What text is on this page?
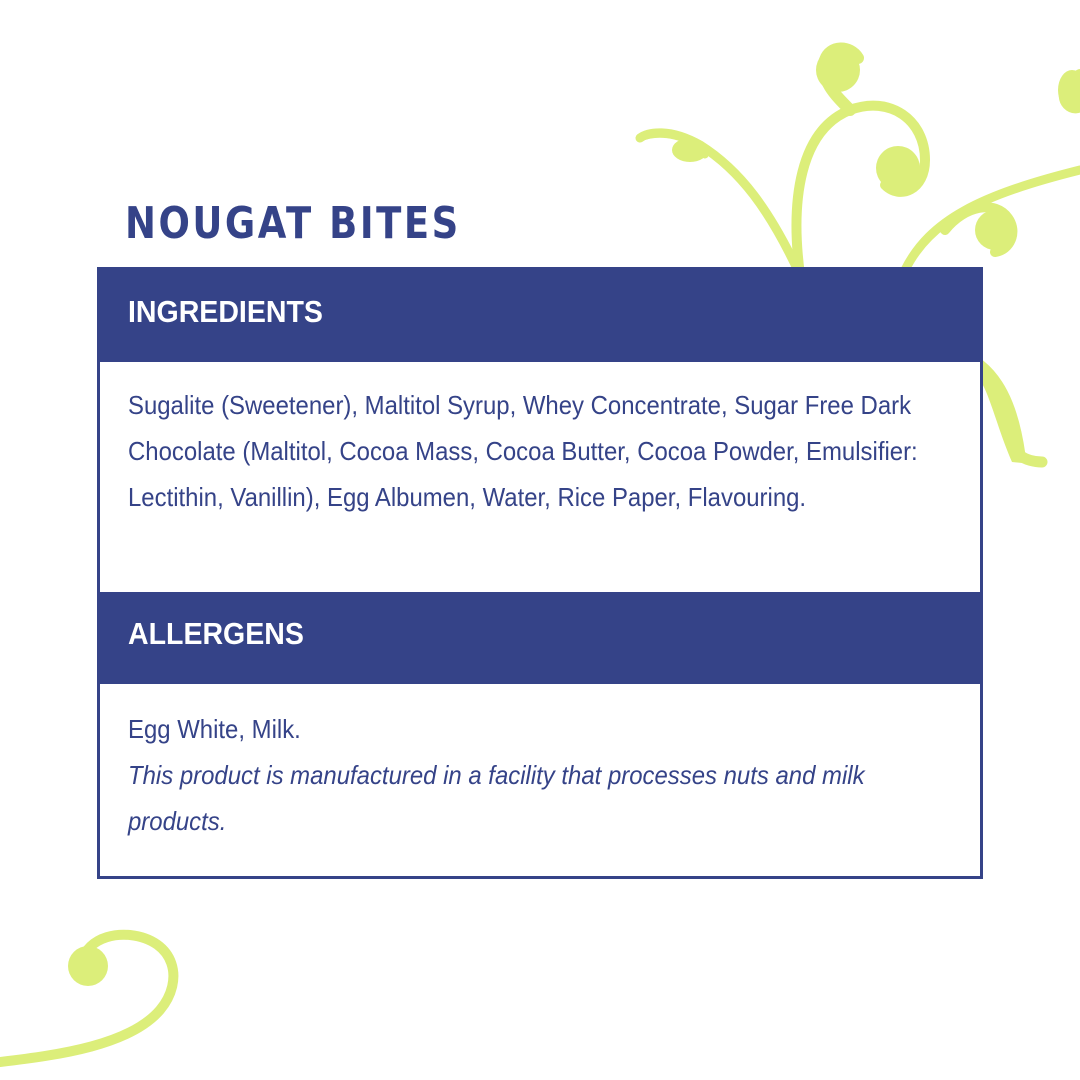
NOUGAT BITES
INGREDIENTS

Sugalite (Sweetener), Maltitol Syrup, Whey Concentrate, Sugar Free Dark Chocolate (Maltitol, Cocoa Mass, Cocoa Butter, Cocoa Powder, Emulsifier: Lectithin, Vanillin), Egg Albumen, Water, Rice Paper, Flavouring.

ALLERGENS

Egg White, Milk.

This product is manufactured in a facility that processes nuts and milk products.
